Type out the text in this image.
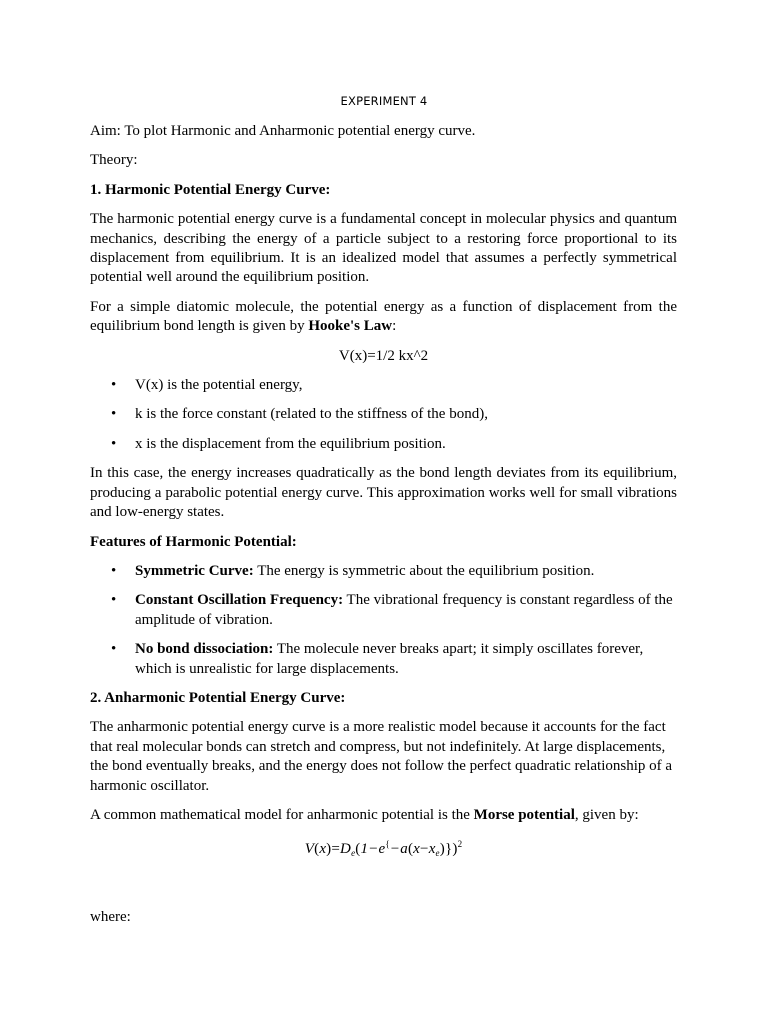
EXPERIMENT 4

Aim: To plot Harmonic and Anharmonic potential energy curve.

Theory:

1. Harmonic Potential Energy Curve:

The harmonic potential energy curve is a fundamental concept in molecular physics and quantum mechanics, describing the energy of a particle subject to a restoring force proportional to its displacement from equilibrium. It is an idealized model that assumes a perfectly symmetrical potential well around the equilibrium position.

For a simple diatomic molecule, the potential energy as a function of displacement from the equilibrium bond length is given by Hooke's Law:

V(x)=1/2 kx^2

• V(x) is the potential energy,
• k is the force constant (related to the stiffness of the bond),
• x is the displacement from the equilibrium position.

In this case, the energy increases quadratically as the bond length deviates from its equilibrium, producing a parabolic potential energy curve. This approximation works well for small vibrations and low-energy states.

Features of Harmonic Potential:

• Symmetric Curve: The energy is symmetric about the equilibrium position.
• Constant Oscillation Frequency: The vibrational frequency is constant regardless of the amplitude of vibration.
• No bond dissociation: The molecule never breaks apart; it simply oscillates forever, which is unrealistic for large displacements.

2. Anharmonic Potential Energy Curve:

The anharmonic potential energy curve is a more realistic model because it accounts for the fact that real molecular bonds can stretch and compress, but not indefinitely. At large displacements, the bond eventually breaks, and the energy does not follow the perfect quadratic relationship of a harmonic oscillator.

A common mathematical model for anharmonic potential is the Morse potential, given by:

$V(x)=D_e(1-e^{\{}-a(x-x_e)\})^2$

where:
